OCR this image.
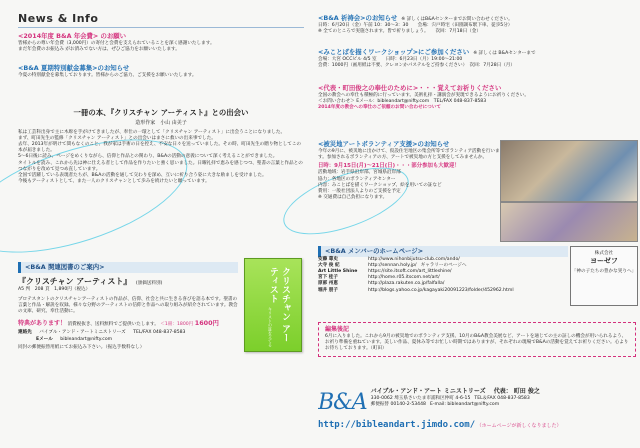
News & Info
<2014年度 B&A 年会費> のお願い
皆様からの尊い年会費（3,000円）の寄付と会費を支えられていることを深く感謝いたします。
まだ年会費のお振込み がお済みでない方は、ぜひご協力をお願いいたします。
<B&A 夏期特別献金募集>のお知らせ
今夏の特別献金を募集しております。皆様からのご協力、ご支援をお願いいたします。
一冊の本、『クリスチャン アーティスト』との出会い
造形作家　小山 由美子
私は工芸科出身で主に木彫を手がけてきましたが、奉仕の一環として「クリスチャン アーティスト」に出会うことになりました。
まず、町田先生の監修「クリスチャン アーティスト」との出会いはまさに救いの出来事でした。
去年、2013年が明けて間もなくのこと、我が家は手術の日を控え、不安な日々を送っていました。その時、町田先生の贈り物としてこの本が届きました。
5～6日後に読み、ページをめくりながら、信仰と作品との関わり、B&Aの活動の意義について深く考えることができました。
タイトルを読み、これから先は神に仕える者として作品を作りたいと強く思いました。日曜礼拝で恵みを感じつつ、聖書の言葉と作品とのつながりを改めて見つめ直しています。
全国で活躍している表現者たちが、B&Aの活動を通して交わりを深め、互いに祈り合う姿に大きな励ましを受けました。
今後もアーティストとして、また一人のクリスチャンとして歩みを続けたいと願っています。
<B&A 関連図書のご案内>
『クリスチャン アーティスト』 (頒価送料別)
A5 判　208 頁　1,890円（税込）
プロテスタントのクリスチャンアーティストの作品が、信仰、社会と共に生きる喜びを語る本です。聖書の言葉と作品・解説を収録。様々な分野のアーティストの信仰と作品への取り組みが紹介されています。教会の文庫、研究、奉仕活動に。
特典があります！ 消費税抜き、送料無料でご提供いたします。 ＜1冊：1800円 1600円
連絡先 バイブル・アンド・アートミニストリーズ TEL/FAX 048-837-8583
Eメール bibleandart@nifty.com
同封の郵便振替用紙にてお振込み下さい。（振込手数料なし）
クリスチャン アーティスト
キリストの証を立てる
<B&A 祈祷会>のお知らせ ※ 詳しくはB&Aセンターまでお問い合わせください。
日時：6月20日（金）午前 10：30～3：30　　会場：宍戸時宅（田園調布駅下車、徒歩5分）
※ 全てのところで実施されます。皆で祈りましょう。　　次回：7月18日（金）
<みことばを描くワークショップ>にご参加ください ※ 詳しくは B&Aセンターまで
会場：大宮 OCCビル 4/5 室　　日時：6月23日（月）19:00～21:00
会費：1000円（画用紙は不要、クレヨンかパステルをご持参ください）　次回：7月28日（月）
<代表・町田俊之の奉仕のために>・・・覚えてお祈りください
全国の教会への奉仕も積極的に行っています。美術礼拝・講演会が実現できるようにお祈りください。
＜お問い合わせ＞ Eメール：bibleandart@nifty.com　TEL/FAX 048-837-8583
2014年度の教会への奉仕のご依頼のお問い合わせについて
<被災地アートボランティア支援>のお知らせ
今年の9月に、被災地に出かけて、仮設住宅地区の集会所等でボランティア活動を行います。参加されるボランティアの方、アートで被災地の方と支援をしてみませんか。
日時：9月15日(月)～21日(日)・・・部分参加も大歓迎！
活動地域：岩手県沿岸部、宮城県沿岸部
協力：各地区のボランティアセンター
内容：みことばを描くワークショップ、絵を用いての証など
費用：一般社団法人よりのご支援を予定
※ 交通費は自己負担になります。
<B&A メンバーのホームページ>
安藤 尊史	http://www.nihonbijutsu-club.com/ando/
大寺 俊 紀	http://sennan.holy.jp/ ギャラリーのページへ
Art Little Shine	https://site.itsoft.com/art_littleshine/
宮下 桂子	http://home.r05.itscom.net/art/
原部 州恵	http://plaza.rakuten.co.jp/falfalla/
堀井 朋子	http://blogs.yahoo.co.jp/kagayaki20091223/folder/452962.html
株式会社
ヨーゼフ
「神の子たちの豊かな実りへ」
編集後記
6月に入りました。これから9月の被災地でのボランティア支援、10月のB&A教会美展など、アートを通じての主の証しの機会が用いられるよう、お祈り準備を重ねています。美しい作品、夏休み等でお忙しい時期ではありますが、それぞれの現場でB&Aの活動を覚えてお祈りください。心よりお待ちしております。（町田）
B&A バイブル・アンド・アート ミニストリーズ 代表： 町田 俊之
330-0062 埼玉県さいたま市浦和区仲町 4-6-15 TEL＆FAX 048-837-8583
郵便振替 00140-2-53448 E-mail: bibleandart@nifty.com
http://bibleandart.jimdo.com/ （ホームページが新しくなりました）
